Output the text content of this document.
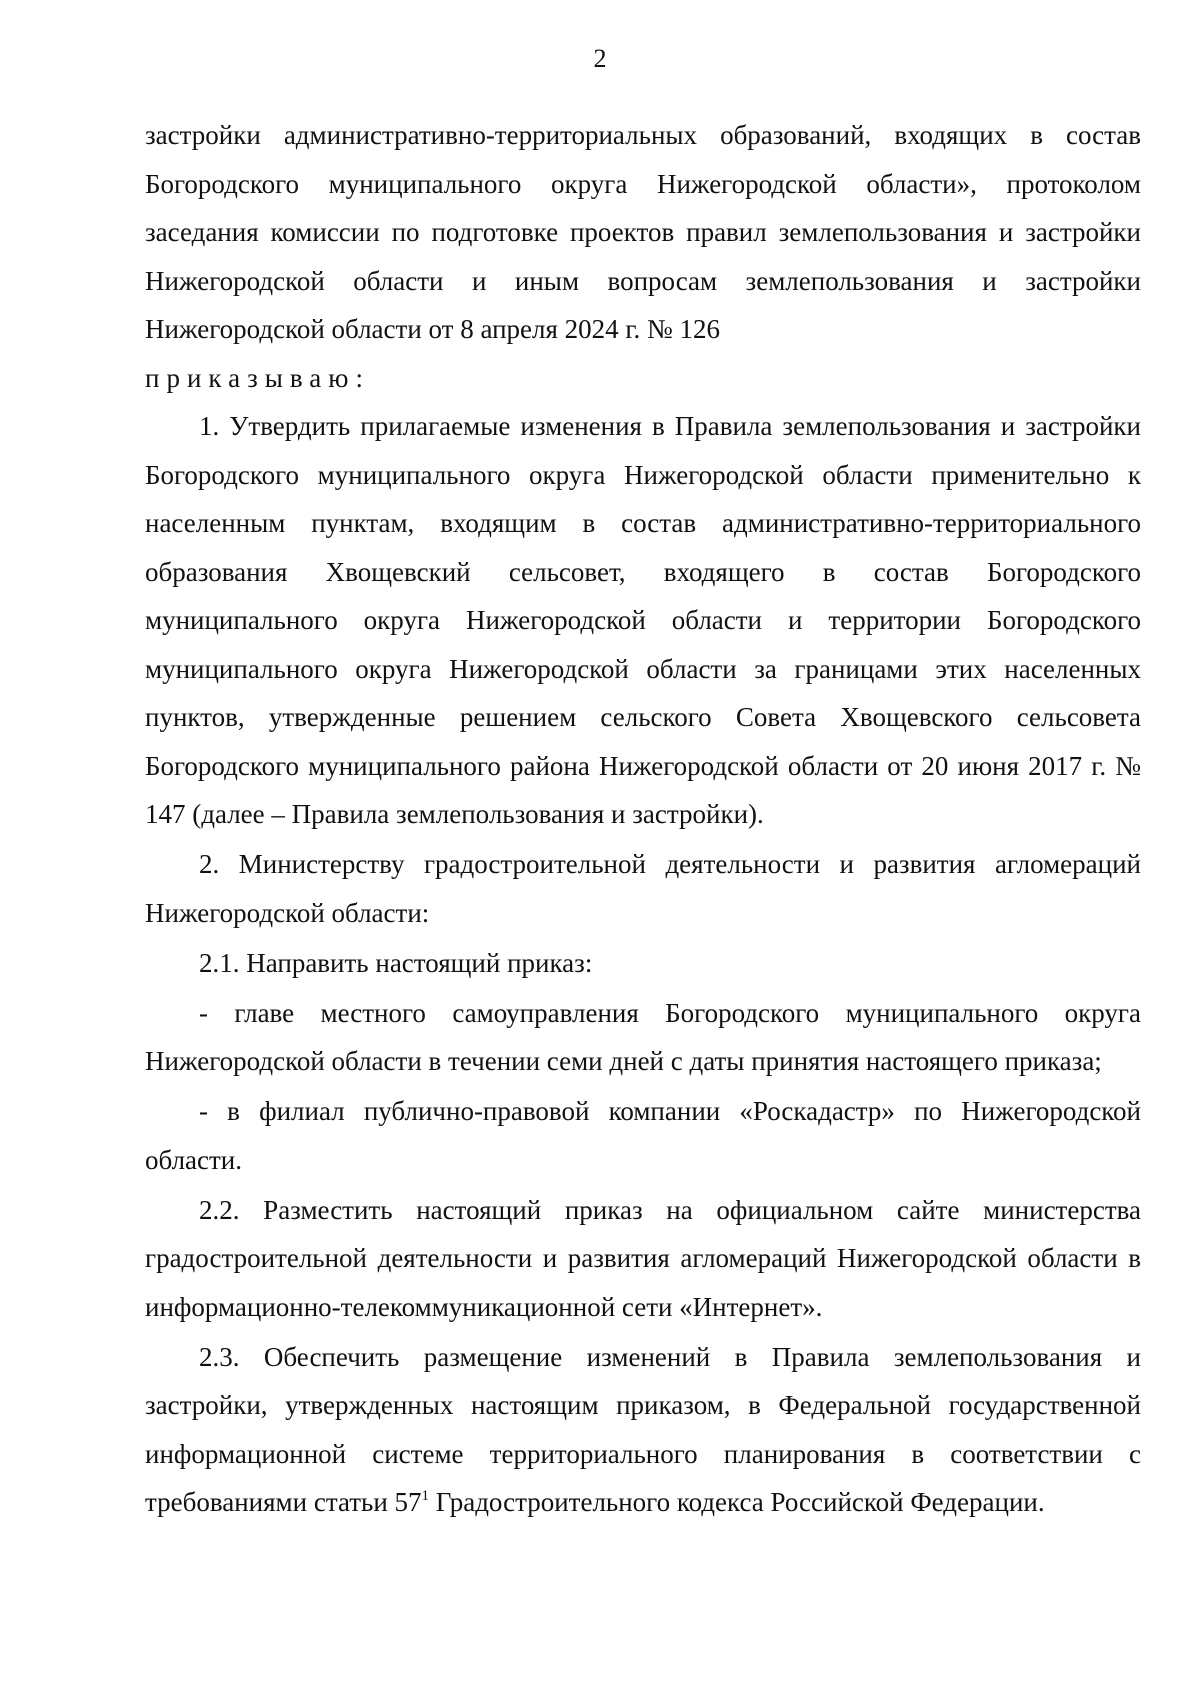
2

застройки административно-территориальных образований, входящих в состав Богородского муниципального округа Нижегородской области», протоколом заседания комиссии по подготовке проектов правил землепользования и застройки Нижегородской области и иным вопросам землепользования и застройки Нижегородской области от 8 апреля 2024 г. № 126

приказываю:

1. Утвердить прилагаемые изменения в Правила землепользования и застройки Богородского муниципального округа Нижегородской области применительно к населенным пунктам, входящим в состав административно-территориального образования Хвощевский сельсовет, входящего в состав Богородского муниципального округа Нижегородской области и территории Богородского муниципального округа Нижегородской области за границами этих населенных пунктов, утвержденные решением сельского Совета Хвощевского сельсовета Богородского муниципального района Нижегородской области от 20 июня 2017 г. № 147 (далее – Правила землепользования и застройки).

2. Министерству градостроительной деятельности и развития агломераций Нижегородской области:

2.1. Направить настоящий приказ:

- главе местного самоуправления Богородского муниципального округа Нижегородской области в течении семи дней с даты принятия настоящего приказа;

- в филиал публично-правовой компании «Роскадастр» по Нижегородской области.

2.2. Разместить настоящий приказ на официальном сайте министерства градостроительной деятельности и развития агломераций Нижегородской области в информационно-телекоммуникационной сети «Интернет».

2.3. Обеспечить размещение изменений в Правила землепользования и застройки, утвержденных настоящим приказом, в Федеральной государственной информационной системе территориального планирования в соответствии с требованиями статьи $57^1$ Градостроительного кодекса Российской Федерации.
